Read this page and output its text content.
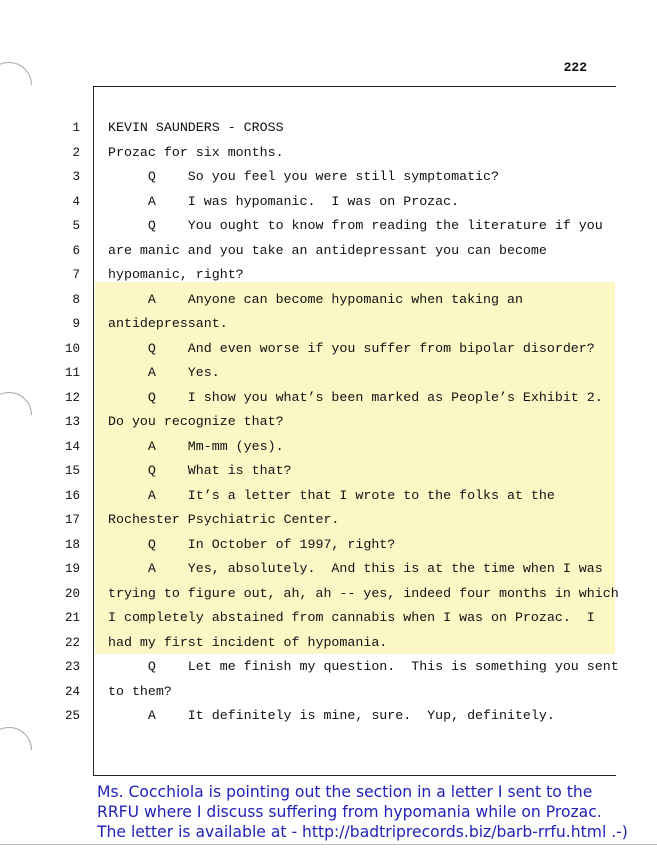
222
1 KEVIN SAUNDERS - CROSS
2 Prozac for six months.
3 Q    So you feel you were still symptomatic?
4 A    I was hypomanic.  I was on Prozac.
5 Q    You ought to know from reading the literature if you
6 are manic and you take an antidepressant you can become
7 hypomanic, right?
8 A    Anyone can become hypomanic when taking an
9 antidepressant.
10 Q    And even worse if you suffer from bipolar disorder?
11 A    Yes.
12 Q    I show you what’s been marked as People’s Exhibit 2.
13 Do you recognize that?
14 A    Mm-mm (yes).
15 Q    What is that?
16 A    It’s a letter that I wrote to the folks at the
17 Rochester Psychiatric Center.
18 Q    In October of 1997, right?
19 A    Yes, absolutely.  And this is at the time when I was
20 trying to figure out, ah, ah -- yes, indeed four months in which
21 I completely abstained from cannabis when I was on Prozac.  I
22 had my first incident of hypomania.
23 Q    Let me finish my question.  This is something you sent
24 to them?
25 A    It definitely is mine, sure.  Yup, definitely.
Ms. Cocchiola is pointing out the section in a letter I sent to the
RRFU where I discuss suffering from hypomania while on Prozac.
The letter is available at - http://badtriprecords.biz/barb-rrfu.html .-)
